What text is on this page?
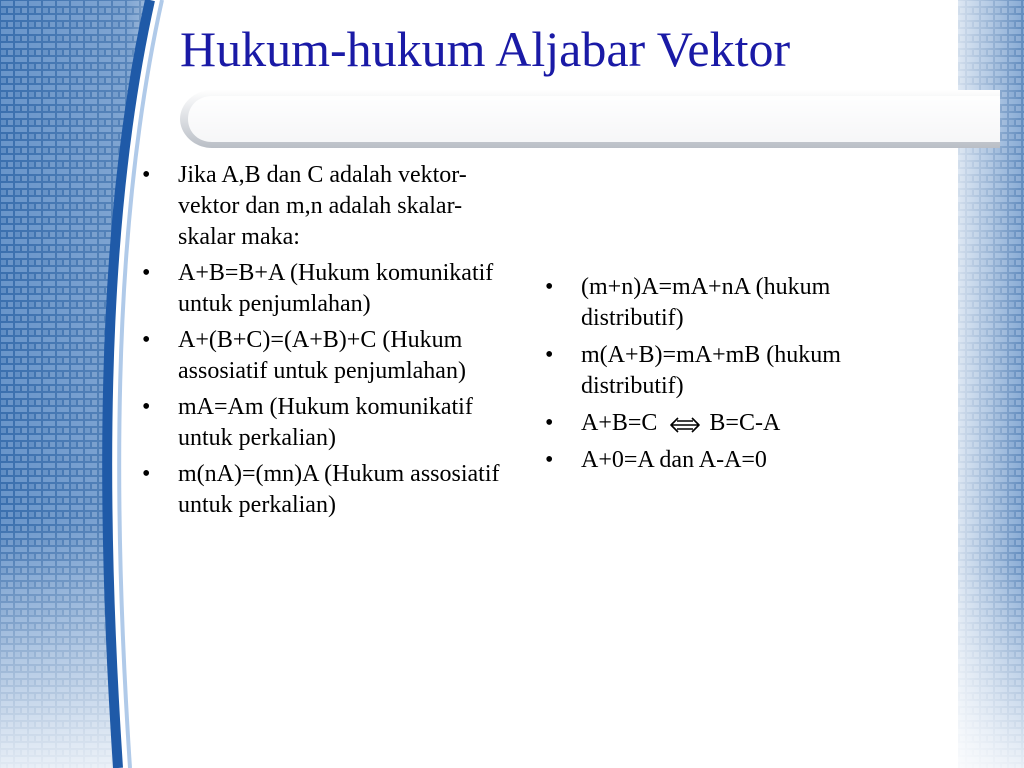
Hukum-hukum Aljabar Vektor
• Jika A,B dan C adalah vektor-vektor dan m,n adalah skalar-skalar maka:
• A+B=B+A (Hukum komunikatif untuk penjumlahan)
• A+(B+C)=(A+B)+C (Hukum assosiatif untuk penjumlahan)
• mA=Am (Hukum komunikatif untuk perkalian)
• m(nA)=(mn)A (Hukum assosiatif untuk perkalian)
• (m+n)A=mA+nA (hukum distributif)
• m(A+B)=mA+mB (hukum distributif)
• A+B=C B=C-A
• A+0=A dan A-A=0
